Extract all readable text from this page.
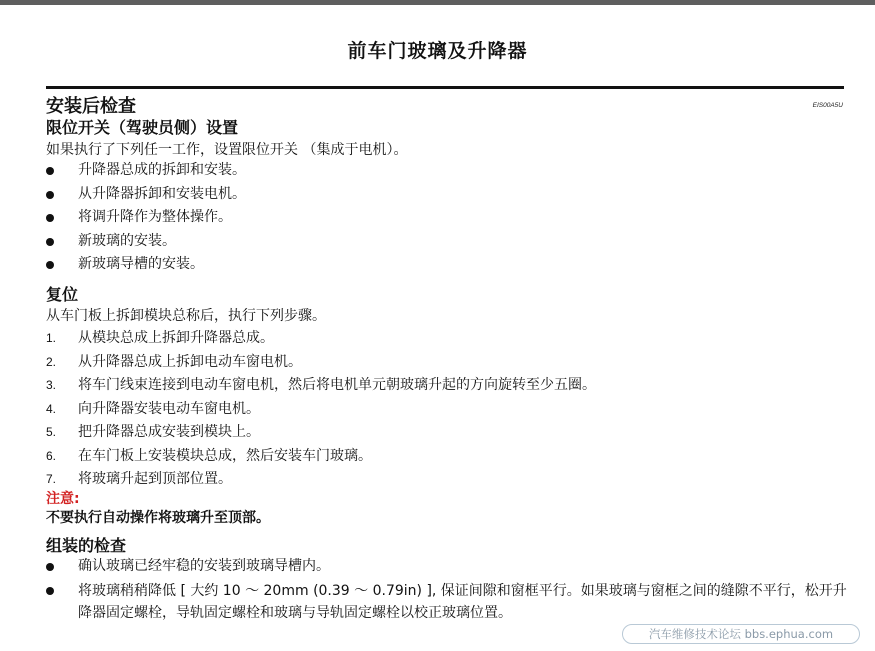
前车门玻璃及升降器
安装后检查	EIS00A5U
限位开关（驾驶员侧）设置
如果执行了下列任一工作，设置限位开关 （集成于电机）。
升降器总成的拆卸和安装。
从升降器拆卸和安装电机。
将调升降作为整体操作。
新玻璃的安装。
新玻璃导槽的安装。
复位
从车门板上拆卸模块总称后，执行下列步骤。
1. 从模块总成上拆卸升降器总成。
2. 从升降器总成上拆卸电动车窗电机。
3. 将车门线束连接到电动车窗电机，然后将电机单元朝玻璃升起的方向旋转至少五圈。
4. 向升降器安装电动车窗电机。
5. 把升降器总成安装到模块上。
6. 在车门板上安装模块总成，然后安装车门玻璃。
7. 将玻璃升起到顶部位置。
注意:
不要执行自动操作将玻璃升至顶部。
组装的检查
确认玻璃已经牢稳的安装到玻璃导槽内。
将玻璃稍稍降低 [ 大约 10 ～ 20mm (0.39 ～ 0.79in) ], 保证间隙和窗框平行。如果玻璃与窗框之间的缝隙不平行，松开升降器固定螺栓，导轨固定螺栓和玻璃与导轨固定螺栓以校正玻璃位置。
汽车维修技术论坛 bbs.ephua.com
